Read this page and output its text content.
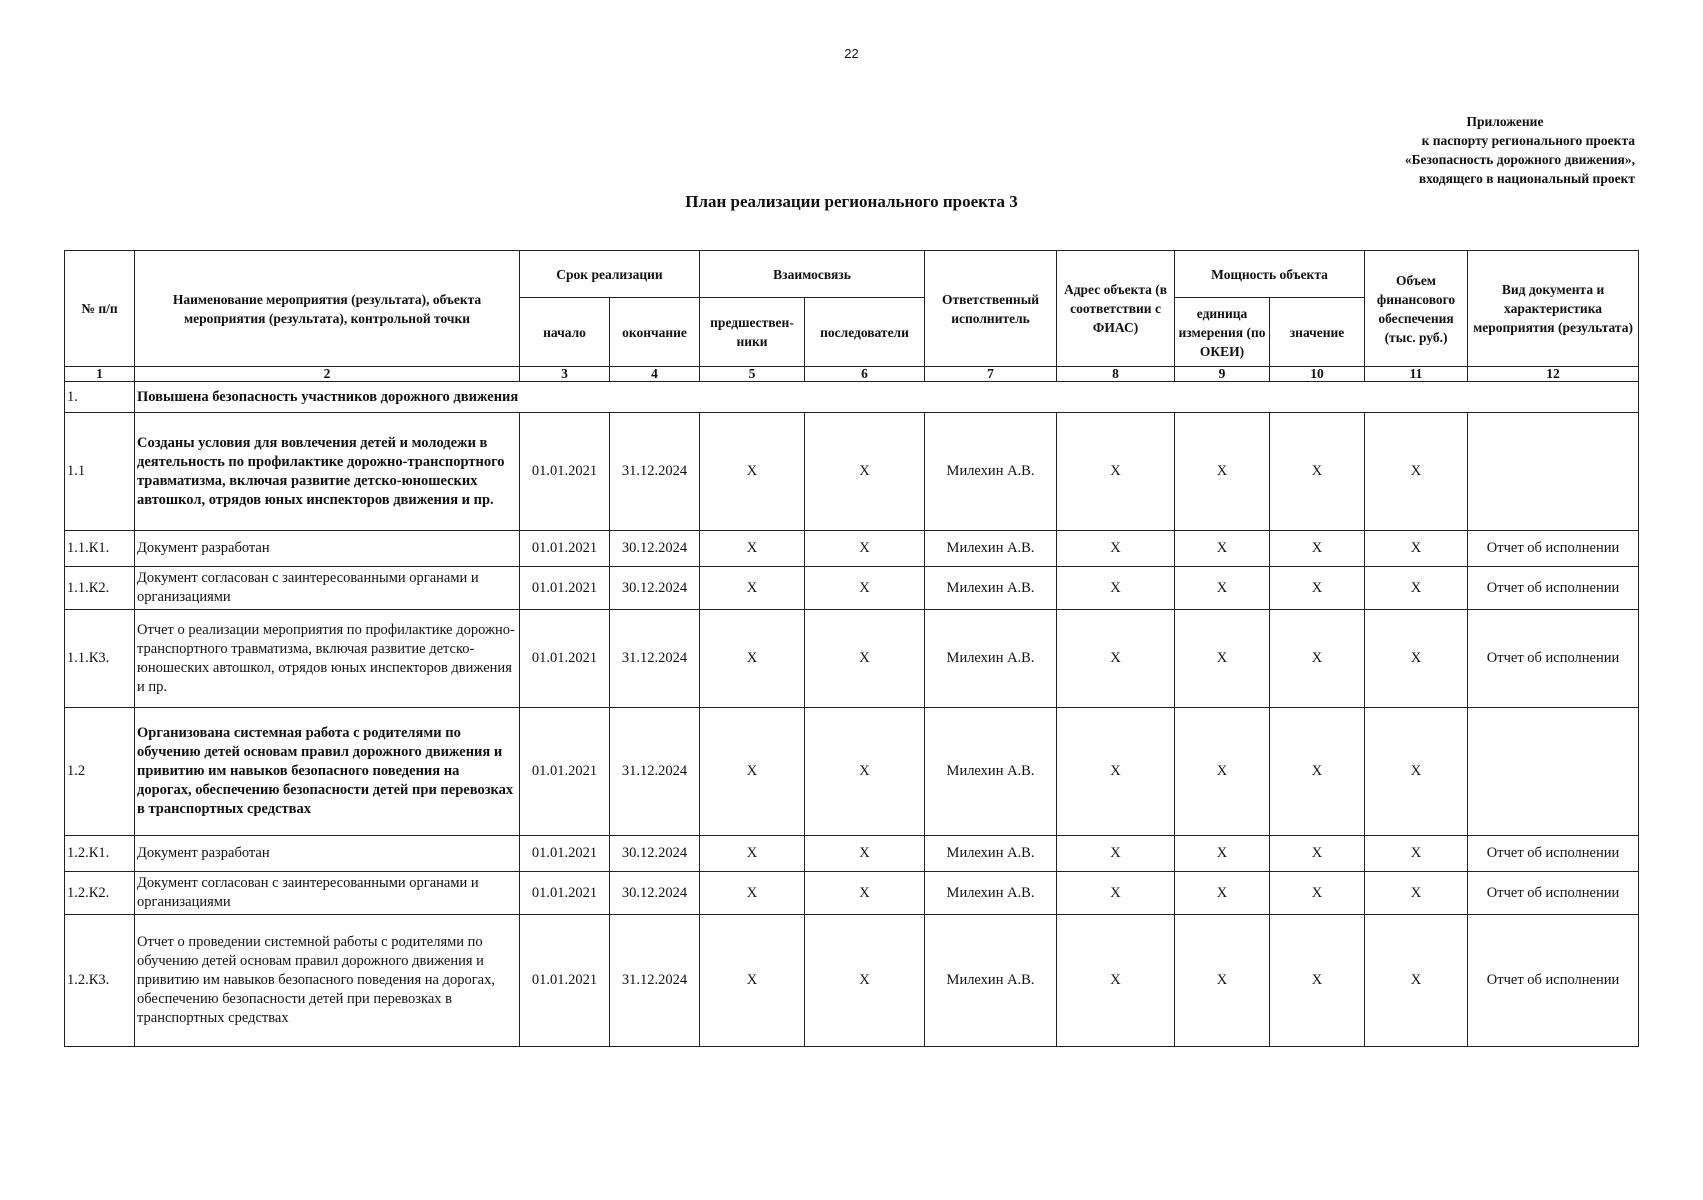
22
Приложение
к паспорту регионального проекта
«Безопасность дорожного движения»,
входящего в национальный проект
План реализации регионального проекта 3
№ п/п	Наименование мероприятия (результата), объекта мероприятия (результата), контрольной точки	Срок реализации		Взаимосвязь		Ответственный исполнитель	Адрес объекта (в соответствии с ФИАС)	Мощность объекта		Объем финансового обеспечения (тыс. руб.)	Вид документа и характеристика мероприятия (результата)
		начало	окончание	предшествен-ники	последователи			единица измерения (по ОКЕИ)	значение		
1	2	3	4	5	6	7	8	9	10	11	12
1.	Повышена безопасность участников дорожного движения										
1.1	Созданы условия для вовлечения детей и молодежи в деятельность по профилактике дорожно-транспортного травматизма, включая развитие детско-юношеских автошкол, отрядов юных инспекторов движения и пр.	01.01.2021	31.12.2024	X	X	Милехин А.В.	X	X	X	X	
1.1.К1.	Документ разработан	01.01.2021	30.12.2024	X	X	Милехин А.В.	X	X	X	X	Отчет об исполнении
1.1.К2.	Документ согласован с заинтересованными органами и организациями	01.01.2021	30.12.2024	X	X	Милехин А.В.	X	X	X	X	Отчет об исполнении
1.1.К3.	Отчет о реализации мероприятия по профилактике дорожно-транспортного травматизма, включая развитие детско-юношеских автошкол, отрядов юных инспекторов движения и пр.	01.01.2021	31.12.2024	X	X	Милехин А.В.	X	X	X	X	Отчет об исполнении
1.2	Организована системная работа с родителями по обучению детей основам правил дорожного движения и привитию им навыков безопасного поведения на дорогах, обеспечению безопасности детей при перевозках в транспортных средствах	01.01.2021	31.12.2024	X	X	Милехин А.В.	X	X	X	X	
1.2.К1.	Документ разработан	01.01.2021	30.12.2024	X	X	Милехин А.В.	X	X	X	X	Отчет об исполнении
1.2.К2.	Документ согласован с заинтересованными органами и организациями	01.01.2021	30.12.2024	X	X	Милехин А.В.	X	X	X	X	Отчет об исполнении
1.2.К3.	Отчет о проведении системной работы с родителями по обучению детей основам правил дорожного движения и привитию им навыков безопасного поведения на дорогах, обеспечению безопасности детей при перевозках в транспортных средствах	01.01.2021	31.12.2024	X	X	Милехин А.В.	X	X	X	X	Отчет об исполнении
